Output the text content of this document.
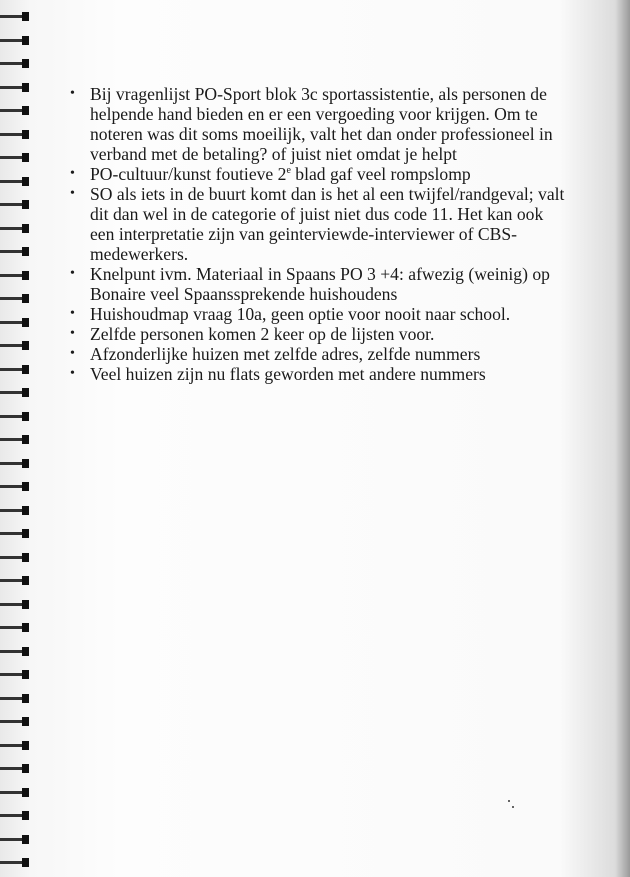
• Bij vragenlijst PO-Sport blok 3c sportassistentie, als personen de helpende hand bieden en er een vergoeding voor krijgen. Om te noteren was dit soms moeilijk, valt het dan onder professioneel in verband met de betaling? of juist niet omdat je helpt
• PO-cultuur/kunst foutieve 2e blad gaf veel rompslomp
• SO als iets in de buurt komt dan is het al een twijfel/randgeval; valt dit dan wel in de categorie of juist niet dus code 11. Het kan ook een interpretatie zijn van geinterviewde-interviewer of CBS-medewerkers.
• Knelpunt ivm. Materiaal in Spaans PO 3 +4: afwezig (weinig) op Bonaire veel Spaanssprekende huishoudens
• Huishoudmap vraag 10a, geen optie voor nooit naar school.
• Zelfde personen komen 2 keer op de lijsten voor.
• Afzonderlijke huizen met zelfde adres, zelfde nummers
• Veel huizen zijn nu flats geworden met andere nummers
